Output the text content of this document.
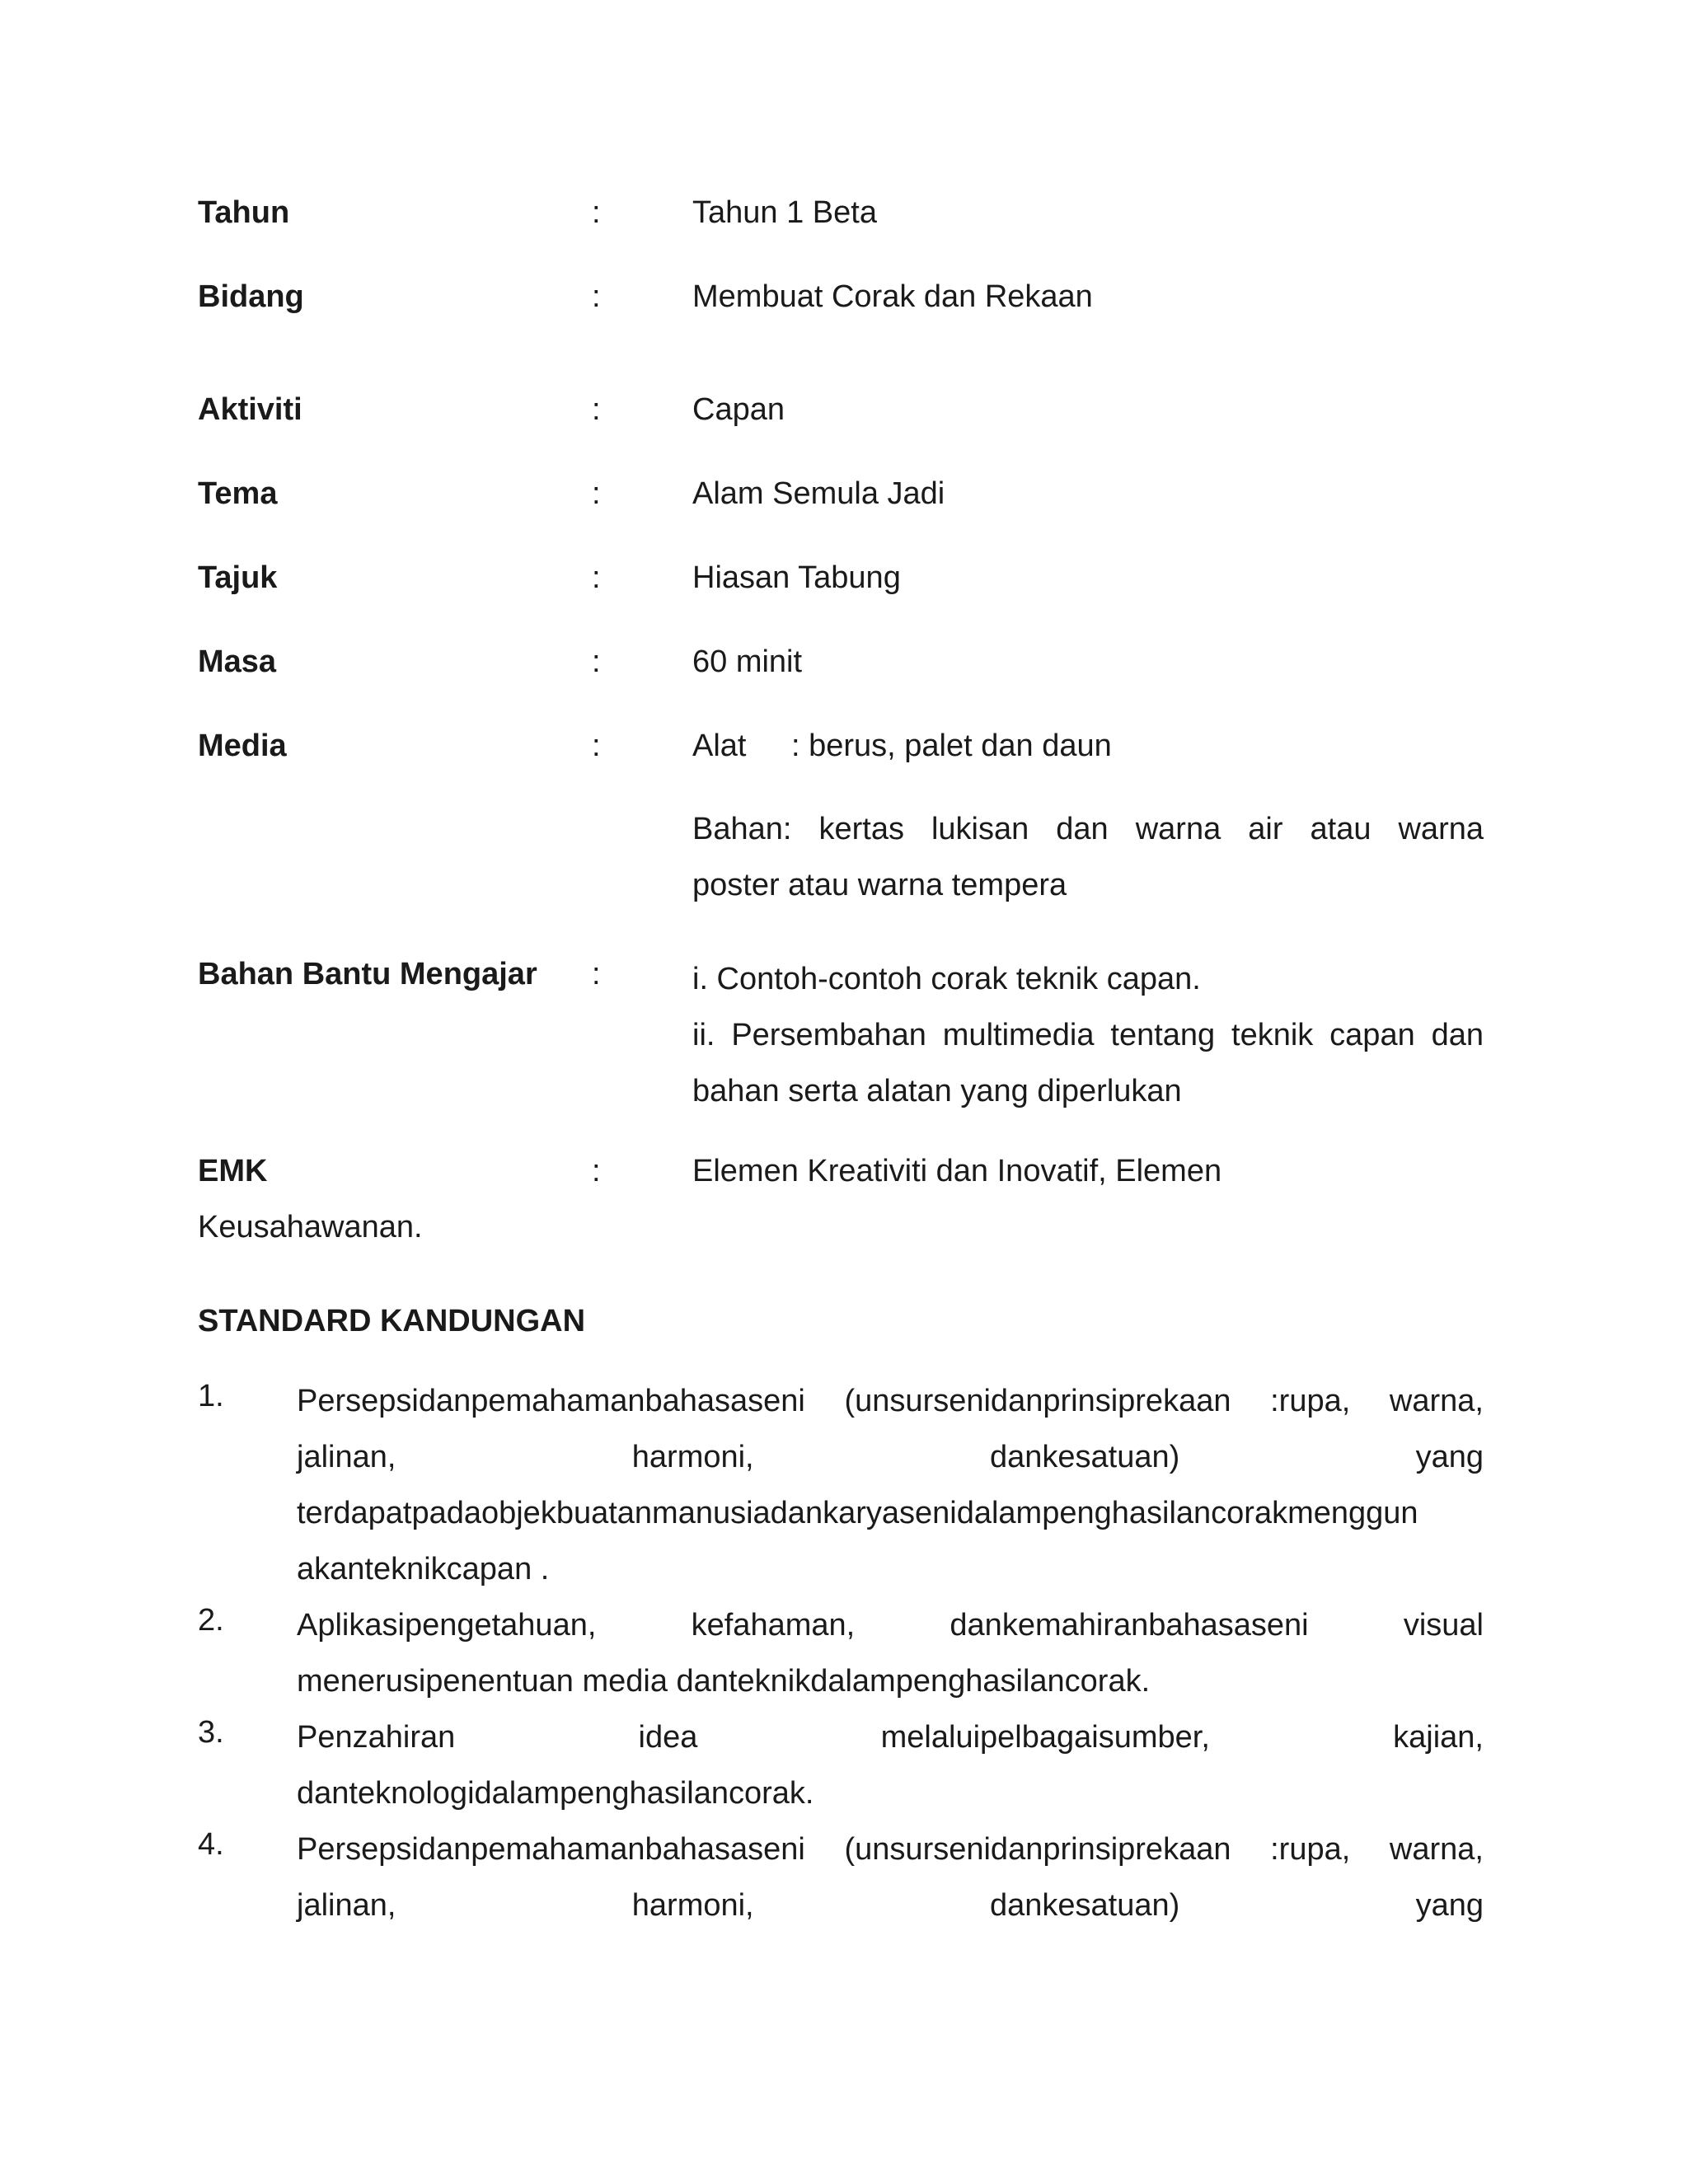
Tahun	:	Tahun 1 Beta
Bidang	:	Membuat Corak dan Rekaan
Aktiviti	:	Capan
Tema	:	Alam Semula Jadi
Tajuk	:	Hiasan Tabung
Masa	:	60 minit
Media	:	Alat : berus, palet dan daun
Bahan: kertas lukisan dan warna air atau warna
poster atau warna tempera
Bahan Bantu Mengajar :	i. Contoh-contoh corak teknik capan.
ii. Persembahan multimedia tentang teknik capan dan
bahan serta alatan yang diperlukan
EMK	:	Elemen Kreativiti dan Inovatif, Elemen
Keusahawanan.
STANDARD KANDUNGAN
1. Persepsidanpemahamanbahasaseni (unsursenidanprinsiprekaan :rupa, warna,
jalinan, harmoni, dankesatuan) yang
terdapatpadaobjekbuatanmanusiadankaryasenidalampenghasilancorakmenggun
akanteknikcapan .
2. Aplikasipengetahuan, kefahaman, dankemahiranbahasaseni visual
menerusipenentuan media danteknikdalampenghasilancorak.
3. Penzahiran idea melaluipelbagaisumber, kajian,
danteknologidalampenghasilancorak.
4. Persepsidanpemahamanbahasaseni (unsursenidanprinsiprekaan :rupa, warna,
jalinan, harmoni, dankesatuan) yang
